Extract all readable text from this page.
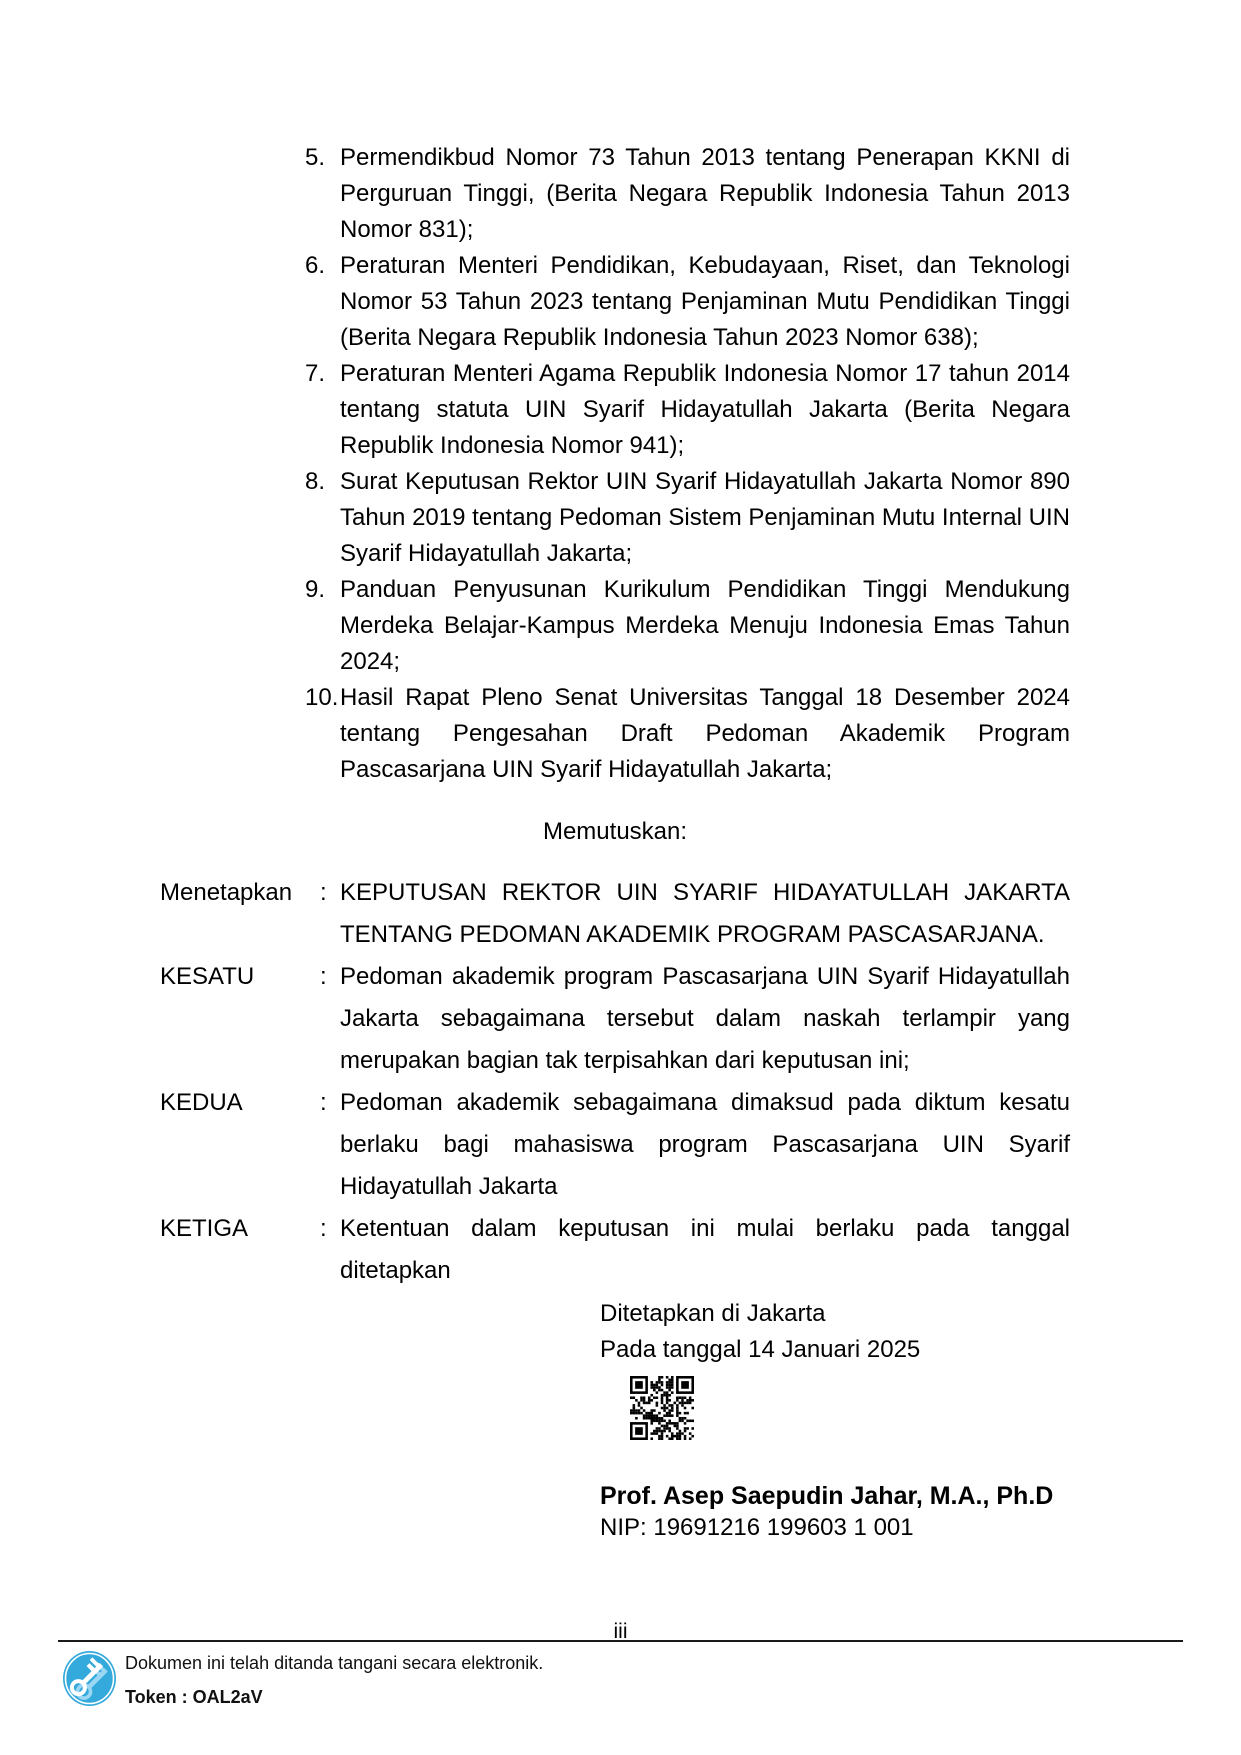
5. Permendikbud Nomor 73 Tahun 2013 tentang Penerapan KKNI di Perguruan Tinggi, (Berita Negara Republik Indonesia Tahun 2013 Nomor 831);
6. Peraturan Menteri Pendidikan, Kebudayaan, Riset, dan Teknologi Nomor 53 Tahun 2023 tentang Penjaminan Mutu Pendidikan Tinggi (Berita Negara Republik Indonesia Tahun 2023 Nomor 638);
7. Peraturan Menteri Agama Republik Indonesia Nomor 17 tahun 2014 tentang statuta UIN Syarif Hidayatullah Jakarta (Berita Negara Republik Indonesia Nomor 941);
8. Surat Keputusan Rektor UIN Syarif Hidayatullah Jakarta Nomor 890 Tahun 2019 tentang Pedoman Sistem Penjaminan Mutu Internal UIN Syarif Hidayatullah Jakarta;
9. Panduan Penyusunan Kurikulum Pendidikan Tinggi Mendukung Merdeka Belajar-Kampus Merdeka Menuju Indonesia Emas Tahun 2024;
10. Hasil Rapat Pleno Senat Universitas Tanggal 18 Desember 2024 tentang Pengesahan Draft Pedoman Akademik Program Pascasarjana UIN Syarif Hidayatullah Jakarta;
Memutuskan:
Menetapkan	: KEPUTUSAN REKTOR UIN SYARIF HIDAYATULLAH JAKARTA TENTANG PEDOMAN AKADEMIK PROGRAM PASCASARJANA.
KESATU	: Pedoman akademik program Pascasarjana UIN Syarif Hidayatullah Jakarta sebagaimana tersebut dalam naskah terlampir yang merupakan bagian tak terpisahkan dari keputusan ini;
KEDUA	: Pedoman akademik sebagaimana dimaksud pada diktum kesatu berlaku bagi mahasiswa program Pascasarjana UIN Syarif Hidayatullah Jakarta
KETIGA	: Ketentuan dalam keputusan ini mulai berlaku pada tanggal ditetapkan
Ditetapkan di Jakarta
Pada tanggal 14 Januari 2025
Prof. Asep Saepudin Jahar, M.A., Ph.D
NIP: 19691216 199603 1 001
iii
Dokumen ini telah ditanda tangani secara elektronik.
Token : OAL2aV
